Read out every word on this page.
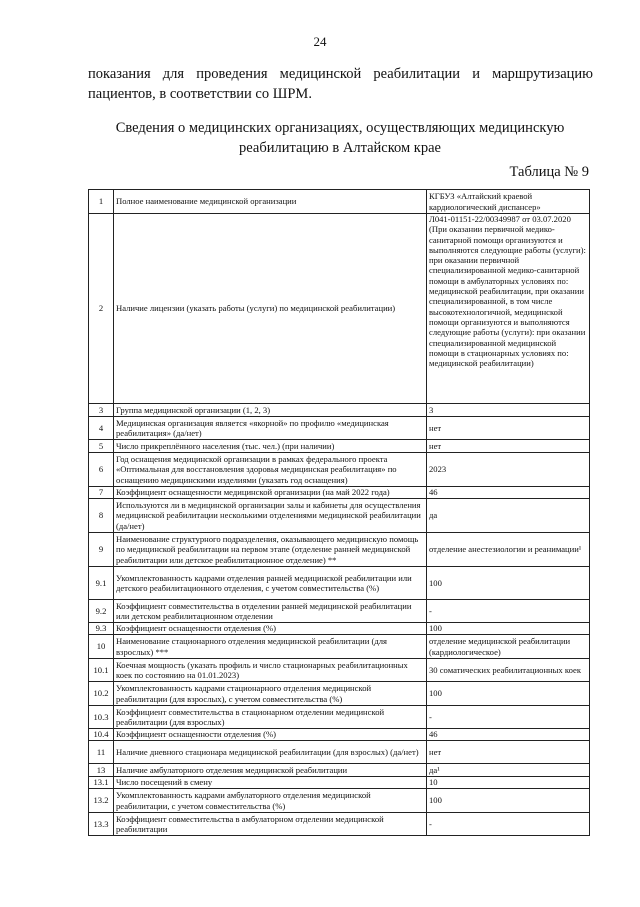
24
показания для проведения медицинской реабилитации и маршрутизацию пациентов, в соответствии со ШРМ.
Сведения о медицинских организациях, осуществляющих медицинскую реабилитацию в Алтайском крае
Таблица № 9
1	Полное наименование медицинской организации	КГБУЗ «Алтайский краевой кардиологический диспансер»
2	Наличие лицензии (указать работы (услуги) по медицинской реабилитации)	Л041-01151-22/00349987 от 03.07.2020 (При оказании первичной медико-санитарной помощи организуются и выполняются следующие работы (услуги): при оказании первичной специализированной медико-санитарной помощи в амбулаторных условиях по: медицинской реабилитации, при оказании специализированной, в том числе высокотехнологичной, медицинской помощи организуются и выполняются следующие работы (услуги): при оказании специализированной медицинской помощи в стационарных условиях по: медицинской реабилитации)
3	Группа медицинской организации (1, 2, 3)	3
4	Медицинская организация является «якорной» по профилю «медицинская реабилитация» (да/нет)	нет
5	Число прикреплённого населения (тыс. чел.) (при наличии)	нет
6	Год оснащения медицинской организации в рамках федерального проекта «Оптимальная для восстановления здоровья медицинская реабилитация» по оснащению медицинскими изделиями (указать год оснащения)	2023
7	Коэффициент оснащенности медицинской организации (на май 2022 года)	46
8	Используются ли в медицинской организации залы и кабинеты для осуществления медицинской реабилитации несколькими отделениями медицинской реабилитации (да/нет)	да
9	Наименование структурного подразделения, оказывающего медицинскую помощь по медицинской реабилитации на первом этапе (отделение ранней медицинской реабилитации или детское реабилитационное отделение) **	отделение анестезиологии и реанимации¹
9.1	Укомплектованность кадрами отделения ранней медицинской реабилитации или детского реабилитационного отделения, с учетом совместительства (%)	100
9.2	Коэффициент совместительства в отделении ранней медицинской реабилитации или детском реабилитационном отделении	-
9.3	Коэффициент оснащенности отделения (%)	100
10	Наименование стационарного отделения медицинской реабилитации (для взрослых) ***	отделение медицинской реабилитации (кардиологическое)
10.1	Коечная мощность (указать профиль и число стационарных реабилитационных коек по состоянию на 01.01.2023)	30 соматических реабилитационных коек
10.2	Укомплектованность кадрами стационарного отделения медицинской реабилитации (для взрослых), с учетом совместительства (%)	100
10.3	Коэффициент совместительства в стационарном отделении медицинской реабилитации (для взрослых)	-
10.4	Коэффициент оснащенности отделения (%)	46
11	Наличие дневного стационара медицинской реабилитации (для взрослых) (да/нет)	нет
13	Наличие амбулаторного отделения медицинской реабилитации	да¹
13.1	Число посещений в смену	10
13.2	Укомплектованность кадрами амбулаторного отделения медицинской реабилитации, с учетом совместительства (%)	100
13.3	Коэффициент совместительства в амбулаторном отделении медицинской реабилитации	-
